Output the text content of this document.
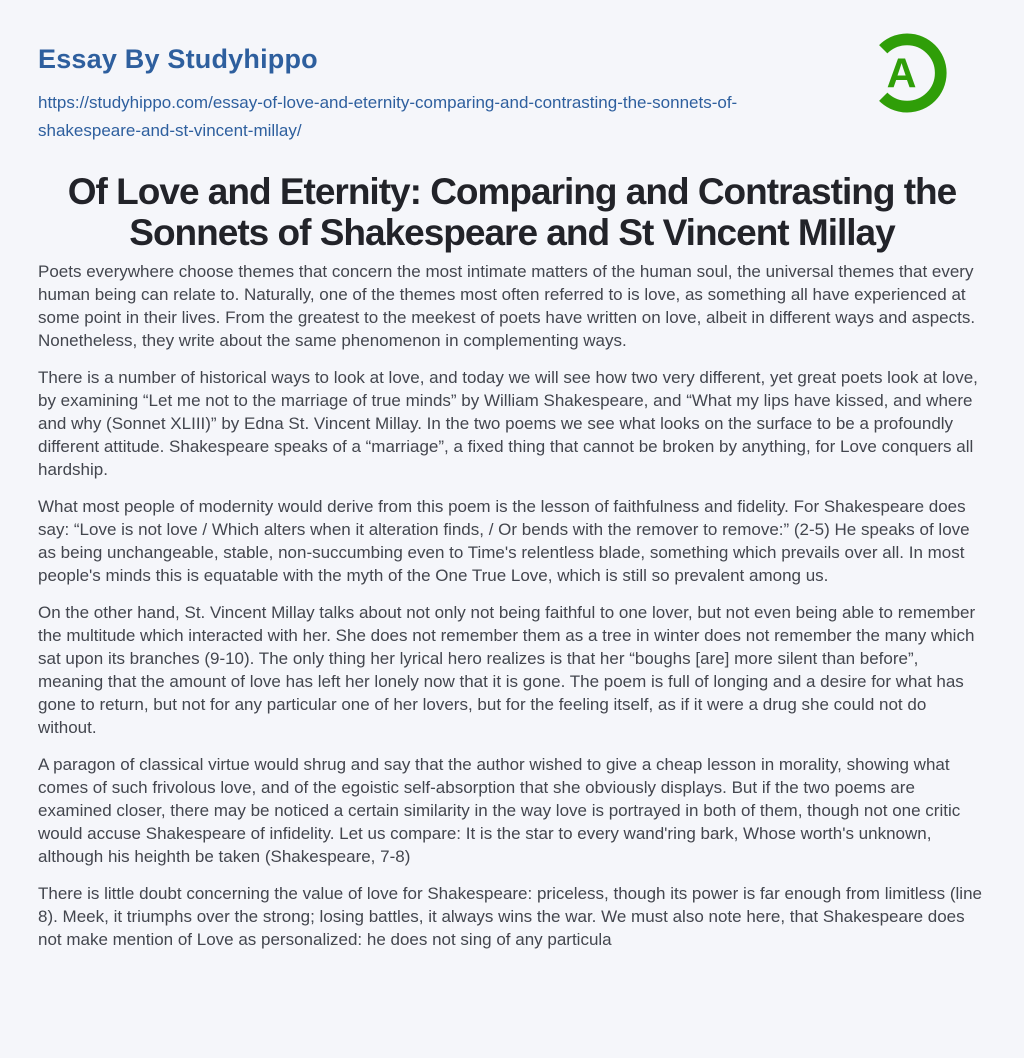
Essay By Studyhippo
https://studyhippo.com/essay-of-love-and-eternity-comparing-and-contrasting-the-sonnets-of-shakespeare-and-st-vincent-millay/
A
Of Love and Eternity: Comparing and Contrasting the Sonnets of Shakespeare and St Vincent Millay

Poets everywhere choose themes that concern the most intimate matters of the human soul, the universal themes that every human being can relate to. Naturally, one of the themes most often referred to is love, as something all have experienced at some point in their lives. From the greatest to the meekest of poets have written on love, albeit in different ways and aspects. Nonetheless, they write about the same phenomenon in complementing ways.

There is a number of historical ways to look at love, and today we will see how two very different, yet great poets look at love, by examining “Let me not to the marriage of true minds” by William Shakespeare, and “What my lips have kissed, and where and why (Sonnet XLIII)” by Edna St. Vincent Millay. In the two poems we see what looks on the surface to be a profoundly different attitude. Shakespeare speaks of a “marriage”, a fixed thing that cannot be broken by anything, for Love conquers all hardship.

What most people of modernity would derive from this poem is the lesson of faithfulness and fidelity. For Shakespeare does say: “Love is not love / Which alters when it alteration finds, / Or bends with the remover to remove:” (2-5) He speaks of love as being unchangeable, stable, non-succumbing even to Time's relentless blade, something which prevails over all. In most people's minds this is equatable with the myth of the One True Love, which is still so prevalent among us.

On the other hand, St. Vincent Millay talks about not only not being faithful to one lover, but not even being able to remember the multitude which interacted with her. She does not remember them as a tree in winter does not remember the many which sat upon its branches (9-10). The only thing her lyrical hero realizes is that her “boughs [are] more silent than before”, meaning that the amount of love has left her lonely now that it is gone. The poem is full of longing and a desire for what has gone to return, but not for any particular one of her lovers, but for the feeling itself, as if it were a drug she could not do without.

A paragon of classical virtue would shrug and say that the author wished to give a cheap lesson in morality, showing what comes of such frivolous love, and of the egoistic self-absorption that she obviously displays. But if the two poems are examined closer, there may be noticed a certain similarity in the way love is portrayed in both of them, though not one critic would accuse Shakespeare of infidelity. Let us compare: It is the star to every wand'ring bark, Whose worth's unknown, although his heighth be taken (Shakespeare, 7-8)

There is little doubt concerning the value of love for Shakespeare: priceless, though its power is far enough from limitless (line 8). Meek, it triumphs over the strong; losing battles, it always wins the war. We must also note here, that Shakespeare does not make mention of Love as personalized: he does not sing of any particula
